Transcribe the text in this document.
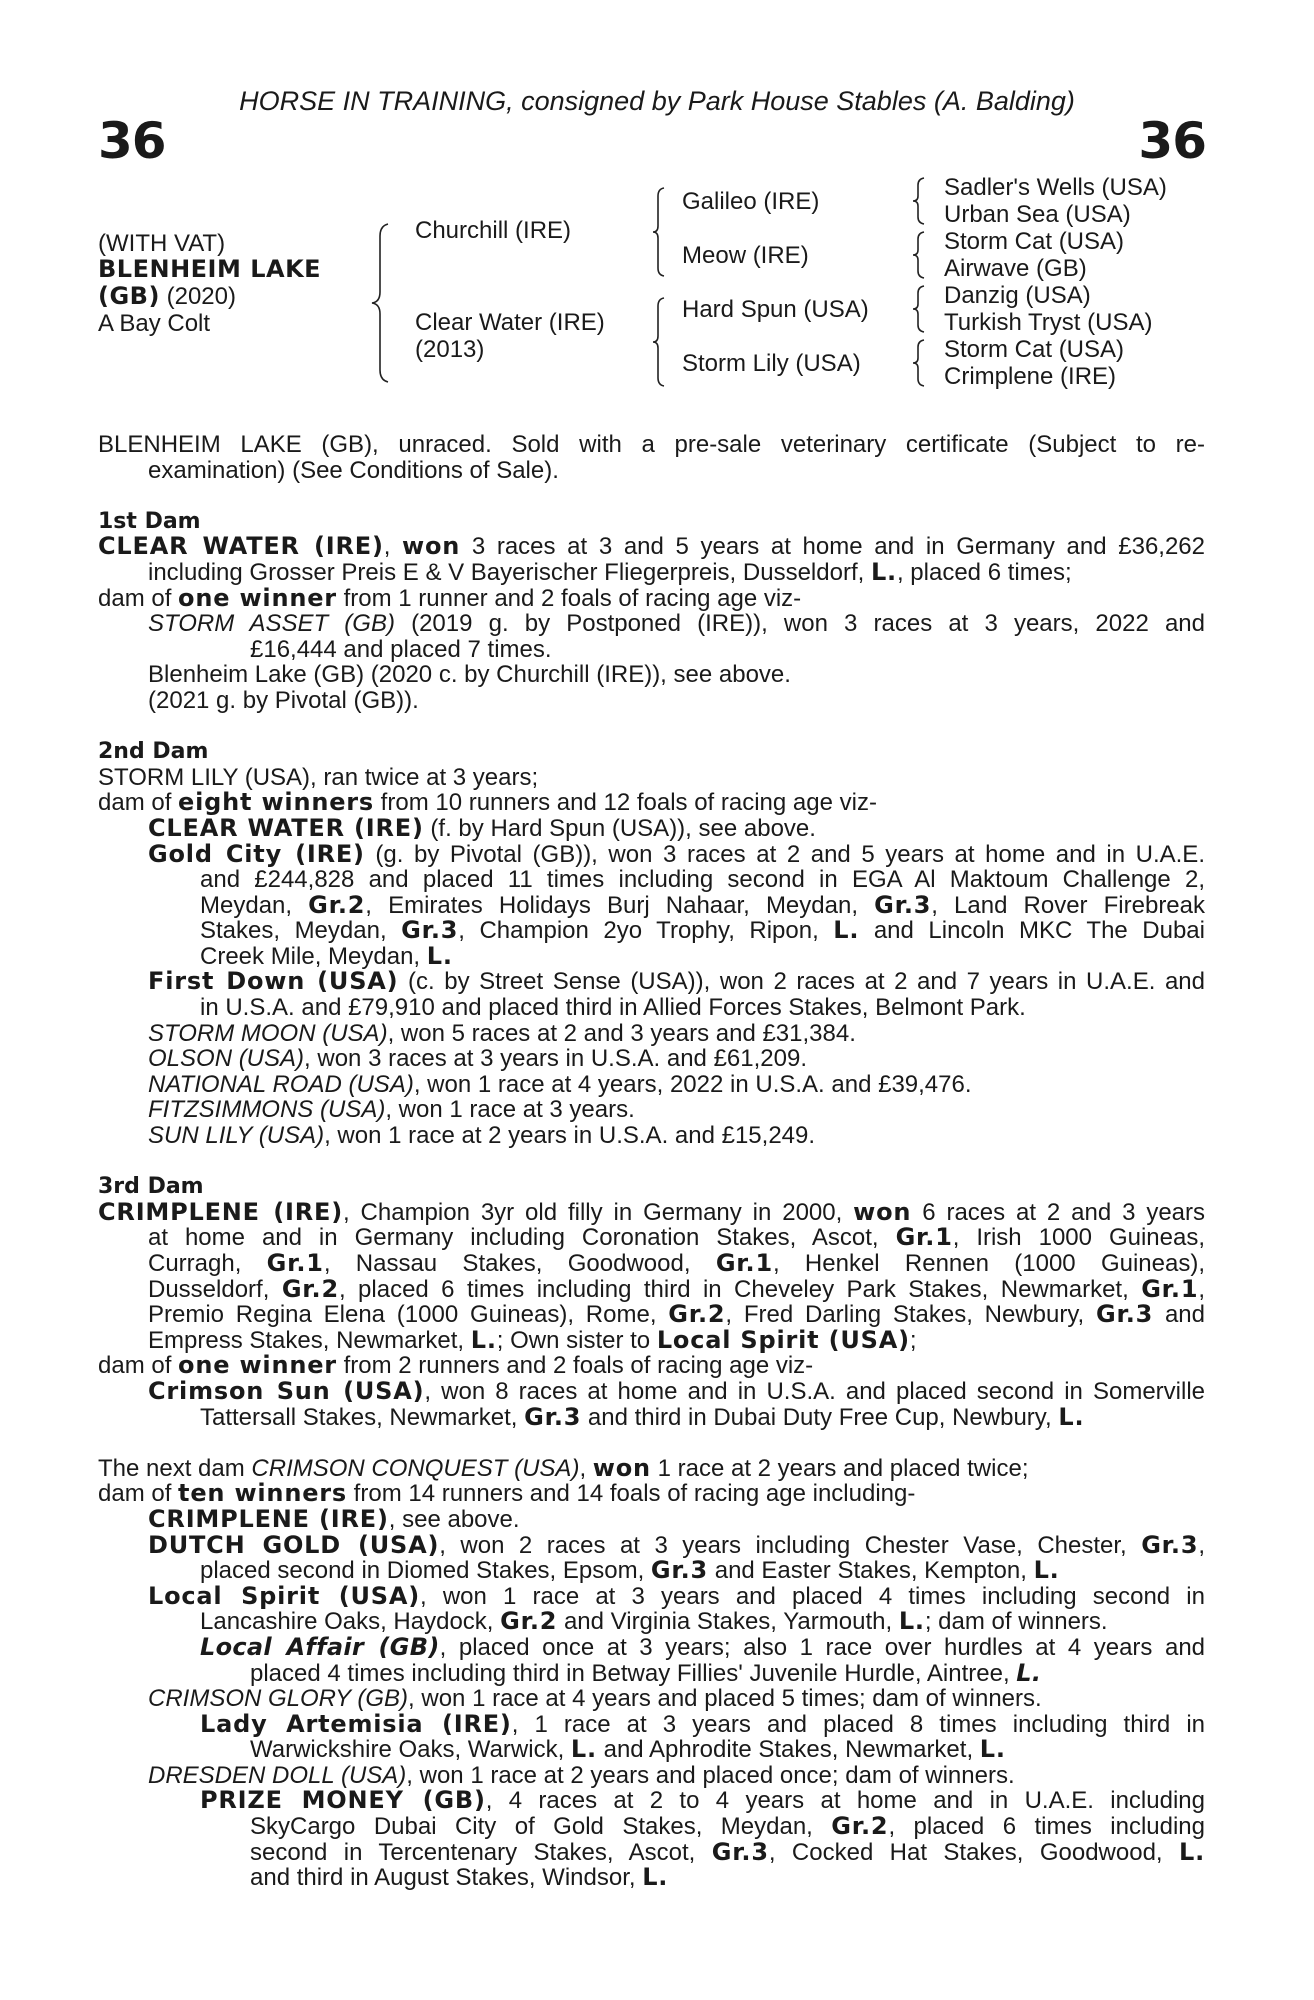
HORSE IN TRAINING, consigned by Park House Stables (A. Balding)
36	36
(WITH VAT)
BLENHEIM LAKE
(GB) (2020)
A Bay Colt
Churchill (IRE)
Clear Water (IRE)
(2013)
Galileo (IRE)
Meow (IRE)
Hard Spun (USA)
Storm Lily (USA)
Sadler's Wells (USA)
Urban Sea (USA)
Storm Cat (USA)
Airwave (GB)
Danzig (USA)
Turkish Tryst (USA)
Storm Cat (USA)
Crimplene (IRE)
BLENHEIM LAKE (GB), unraced. Sold with a pre-sale veterinary certificate (Subject to re-
examination) (See Conditions of Sale).
1st Dam
CLEAR WATER (IRE), won 3 races at 3 and 5 years at home and in Germany and £36,262
including Grosser Preis E & V Bayerischer Fliegerpreis, Dusseldorf, L., placed 6 times;
dam of one winner from 1 runner and 2 foals of racing age viz-
STORM ASSET (GB) (2019 g. by Postponed (IRE)), won 3 races at 3 years, 2022 and
£16,444 and placed 7 times.
Blenheim Lake (GB) (2020 c. by Churchill (IRE)), see above.
(2021 g. by Pivotal (GB)).
2nd Dam
STORM LILY (USA), ran twice at 3 years;
dam of eight winners from 10 runners and 12 foals of racing age viz-
CLEAR WATER (IRE) (f. by Hard Spun (USA)), see above.
Gold City (IRE) (g. by Pivotal (GB)), won 3 races at 2 and 5 years at home and in U.A.E.
and £244,828 and placed 11 times including second in EGA Al Maktoum Challenge 2,
Meydan, Gr.2, Emirates Holidays Burj Nahaar, Meydan, Gr.3, Land Rover Firebreak
Stakes, Meydan, Gr.3, Champion 2yo Trophy, Ripon, L. and Lincoln MKC The Dubai
Creek Mile, Meydan, L.
First Down (USA) (c. by Street Sense (USA)), won 2 races at 2 and 7 years in U.A.E. and
in U.S.A. and £79,910 and placed third in Allied Forces Stakes, Belmont Park.
STORM MOON (USA), won 5 races at 2 and 3 years and £31,384.
OLSON (USA), won 3 races at 3 years in U.S.A. and £61,209.
NATIONAL ROAD (USA), won 1 race at 4 years, 2022 in U.S.A. and £39,476.
FITZSIMMONS (USA), won 1 race at 3 years.
SUN LILY (USA), won 1 race at 2 years in U.S.A. and £15,249.
3rd Dam
CRIMPLENE (IRE), Champion 3yr old filly in Germany in 2000, won 6 races at 2 and 3 years
at home and in Germany including Coronation Stakes, Ascot, Gr.1, Irish 1000 Guineas,
Curragh, Gr.1, Nassau Stakes, Goodwood, Gr.1, Henkel Rennen (1000 Guineas),
Dusseldorf, Gr.2, placed 6 times including third in Cheveley Park Stakes, Newmarket, Gr.1,
Premio Regina Elena (1000 Guineas), Rome, Gr.2, Fred Darling Stakes, Newbury, Gr.3 and
Empress Stakes, Newmarket, L.; Own sister to Local Spirit (USA);
dam of one winner from 2 runners and 2 foals of racing age viz-
Crimson Sun (USA), won 8 races at home and in U.S.A. and placed second in Somerville
Tattersall Stakes, Newmarket, Gr.3 and third in Dubai Duty Free Cup, Newbury, L.
The next dam CRIMSON CONQUEST (USA), won 1 race at 2 years and placed twice;
dam of ten winners from 14 runners and 14 foals of racing age including-
CRIMPLENE (IRE), see above.
DUTCH GOLD (USA), won 2 races at 3 years including Chester Vase, Chester, Gr.3,
placed second in Diomed Stakes, Epsom, Gr.3 and Easter Stakes, Kempton, L.
Local Spirit (USA), won 1 race at 3 years and placed 4 times including second in
Lancashire Oaks, Haydock, Gr.2 and Virginia Stakes, Yarmouth, L.; dam of winners.
Local Affair (GB), placed once at 3 years; also 1 race over hurdles at 4 years and
placed 4 times including third in Betway Fillies' Juvenile Hurdle, Aintree, L.
CRIMSON GLORY (GB), won 1 race at 4 years and placed 5 times; dam of winners.
Lady Artemisia (IRE), 1 race at 3 years and placed 8 times including third in
Warwickshire Oaks, Warwick, L. and Aphrodite Stakes, Newmarket, L.
DRESDEN DOLL (USA), won 1 race at 2 years and placed once; dam of winners.
PRIZE MONEY (GB), 4 races at 2 to 4 years at home and in U.A.E. including
SkyCargo Dubai City of Gold Stakes, Meydan, Gr.2, placed 6 times including
second in Tercentenary Stakes, Ascot, Gr.3, Cocked Hat Stakes, Goodwood, L.
and third in August Stakes, Windsor, L.
